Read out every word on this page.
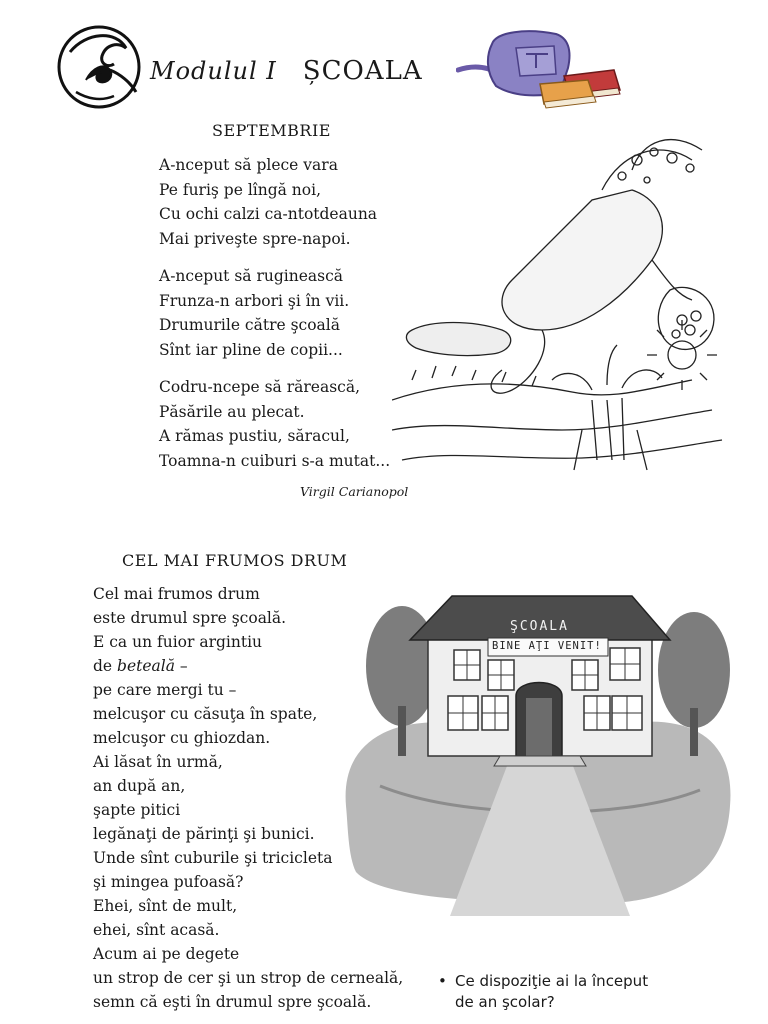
Modulul I ȘCOALA
SEPTEMBRIE
A-nceput să plece vara
Pe furiş pe lîngă noi,
Cu ochi calzi ca-ntotdeauna
Mai priveşte spre-napoi.
A-nceput să ruginească
Frunza-n arbori şi în vii.
Drumurile către şcoală
Sînt iar pline de copii...
Codru-ncepe să rărească,
Păsările au plecat.
A rămas pustiu, săracul,
Toamna-n cuiburi s-a mutat...
Virgil Carianopol
CEL MAI FRUMOS DRUM
Cel mai frumos drum
este drumul spre şcoală.
E ca un fuior argintiu
de beteală –
pe care mergi tu –
melcuşor cu căsuţa în spate,
melcuşor cu ghiozdan.
Ai lăsat în urmă,
an după an,
şapte pitici
legănaţi de părinţi şi bunici.
Unde sînt cuburile şi tricicleta
şi mingea pufoasă?
Ehei, sînt de mult,
ehei, sînt acasă.
Acum ai pe degete
un strop de cer şi un strop de cerneală,
semn că eşti în drumul spre şcoală.
ŞCOALA
BINE AŢI VENIT!
• Ce dispoziţie ai la început
de an şcolar?
